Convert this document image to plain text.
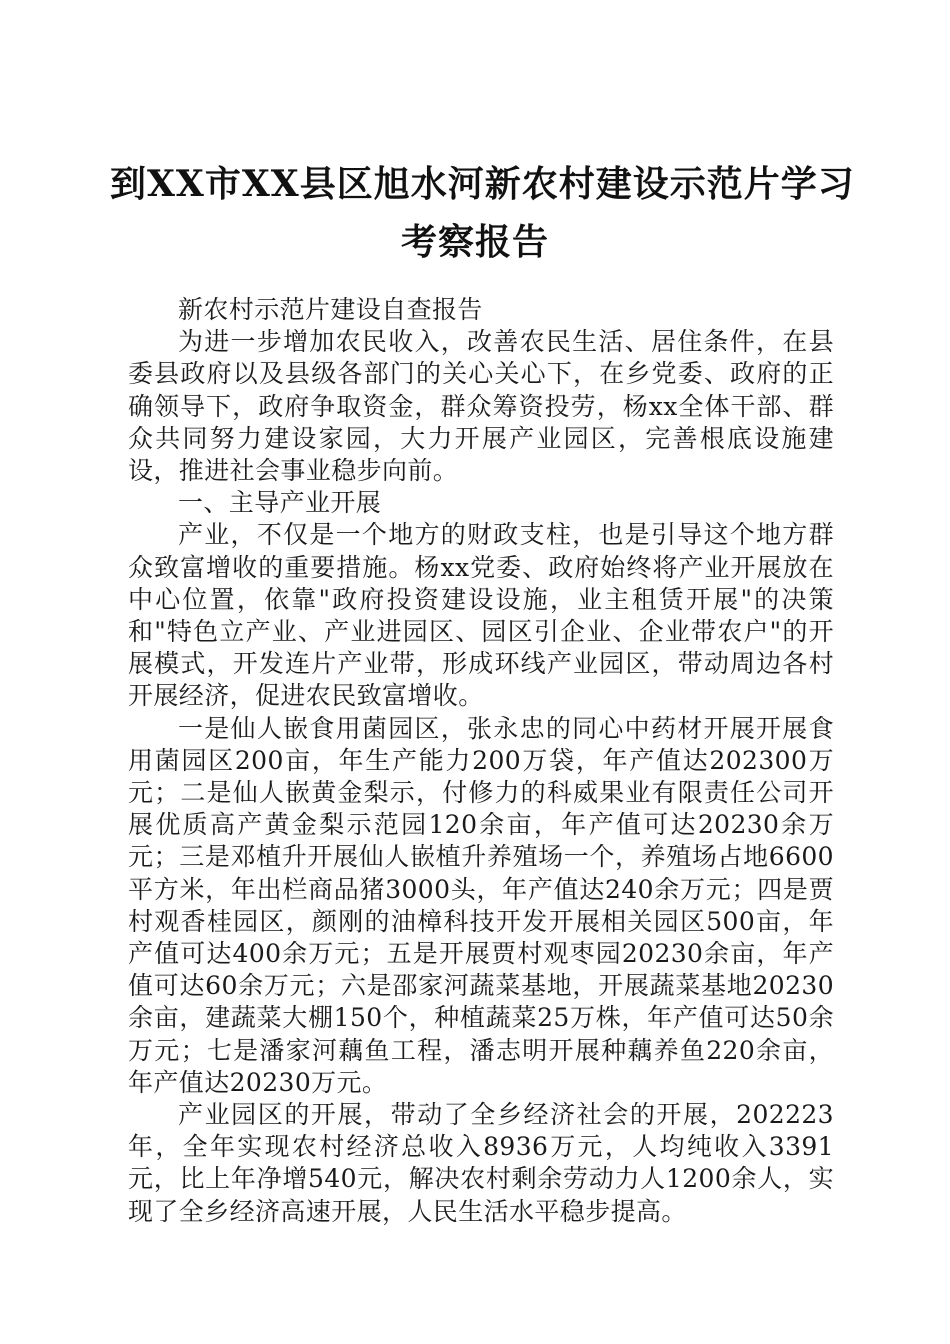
到XX市XX县区旭水河新农村建设示范片学习
考察报告

新农村示范片建设自查报告

为进一步增加农民收入，改善农民生活、居住条件，在县委县政府以及县级各部门的关心关心下，在乡党委、政府的正确领导下，政府争取资金，群众筹资投劳，杨xx全体干部、群众共同努力建设家园，大力开展产业园区，完善根底设施建设，推进社会事业稳步向前。

一、主导产业开展

产业，不仅是一个地方的财政支柱，也是引导这个地方群众致富增收的重要措施。杨xx党委、政府始终将产业开展放在中心位置，依靠"政府投资建设设施，业主租赁开展"的决策和"特色立产业、产业进园区、园区引企业、企业带农户"的开展模式，开发连片产业带，形成环线产业园区，带动周边各村开展经济，促进农民致富增收。

一是仙人嵌食用菌园区，张永忠的同心中药材开展开展食用菌园区200亩，年生产能力200万袋，年产值达202300万元；二是仙人嵌黄金梨示，付修力的科威果业有限责任公司开展优质高产黄金梨示范园120余亩，年产值可达20230余万元；三是邓植升开展仙人嵌植升养殖场一个，养殖场占地6600平方米，年出栏商品猪3000头，年产值达240余万元；四是贾村观香桂园区，颜刚的油樟科技开发开展相关园区500亩，年产值可达400余万元；五是开展贾村观枣园20230余亩，年产值可达60余万元；六是邵家河蔬菜基地，开展蔬菜基地20230余亩，建蔬菜大棚150个，种植蔬菜25万株，年产值可达50余万元；七是潘家河藕鱼工程，潘志明开展种藕养鱼220余亩，年产值达20230万元。

产业园区的开展，带动了全乡经济社会的开展，202223年，全年实现农村经济总收入8936万元，人均纯收入3391元，比上年净增540元，解决农村剩余劳动力人1200余人，实现了全乡经济高速开展，人民生活水平稳步提高。
